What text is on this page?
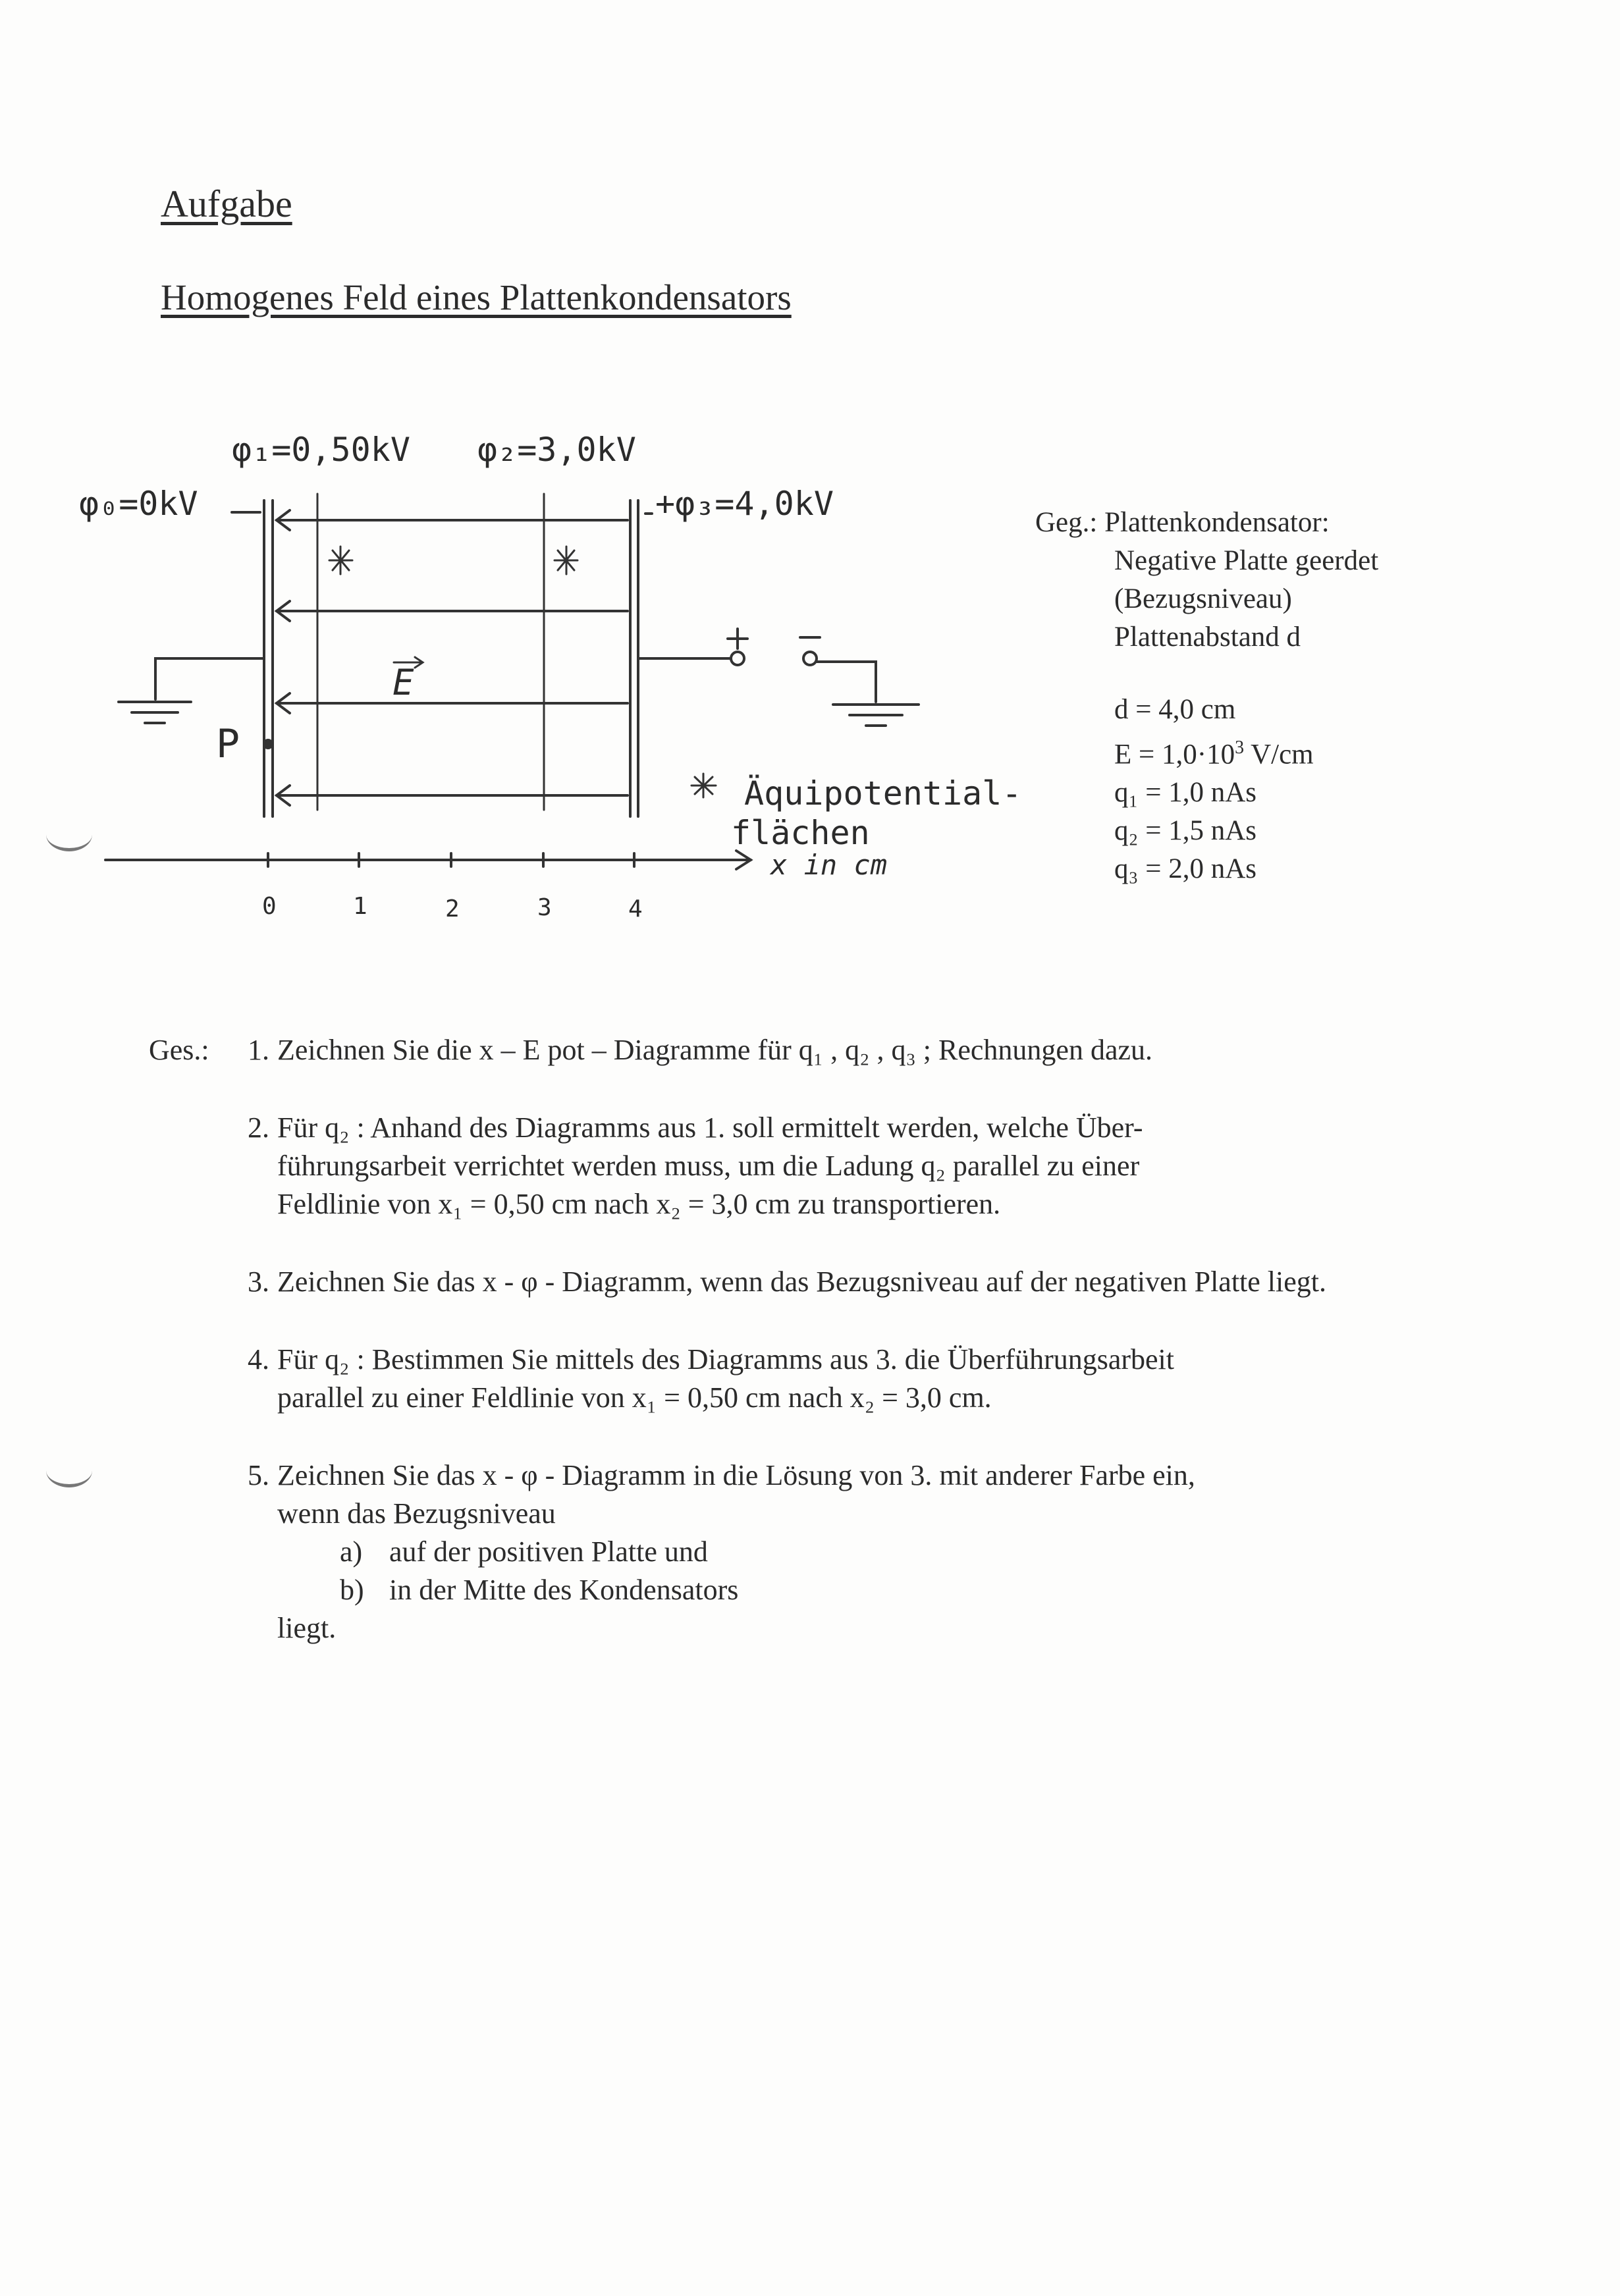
Aufgabe
Homogenes Feld eines Plattenkondensators
φ₀=0kV
φ₁=0,50kV φ₂=3,0kV
+φ₃=4,0kV
E
P
Äquipotential-
flächen
x in cm
0	1	2	3	4
Geg.: Plattenkondensator:
Negative Platte geerdet
(Bezugsniveau)
Plattenabstand d
d = 4,0 cm
$E = 1,0\cdot 10^3$ V/cm
q₁ = 1,0 nAs
q₂ = 1,5 nAs
q₃ = 2,0 nAs
Ges.: 1. Zeichnen Sie die x – E pot – Diagramme für q₁ , q₂ , q₃ ; Rechnungen dazu.
2. Für q₂ : Anhand des Diagramms aus 1. soll ermittelt werden, welche Über-
führungsarbeit verrichtet werden muss, um die Ladung q₂ parallel zu einer
Feldlinie von x₁ = 0,50 cm nach x₂ = 3,0 cm zu transportieren.
3. Zeichnen Sie das x - φ - Diagramm, wenn das Bezugsniveau auf der negativen Platte liegt.
4. Für q₂ : Bestimmen Sie mittels des Diagramms aus 3. die Überführungsarbeit
parallel zu einer Feldlinie von x₁ = 0,50 cm nach x₂ = 3,0 cm.
5. Zeichnen Sie das x - φ - Diagramm in die Lösung von 3. mit anderer Farbe ein,
wenn das Bezugsniveau
a) auf der positiven Platte und
b) in der Mitte des Kondensators
liegt.
